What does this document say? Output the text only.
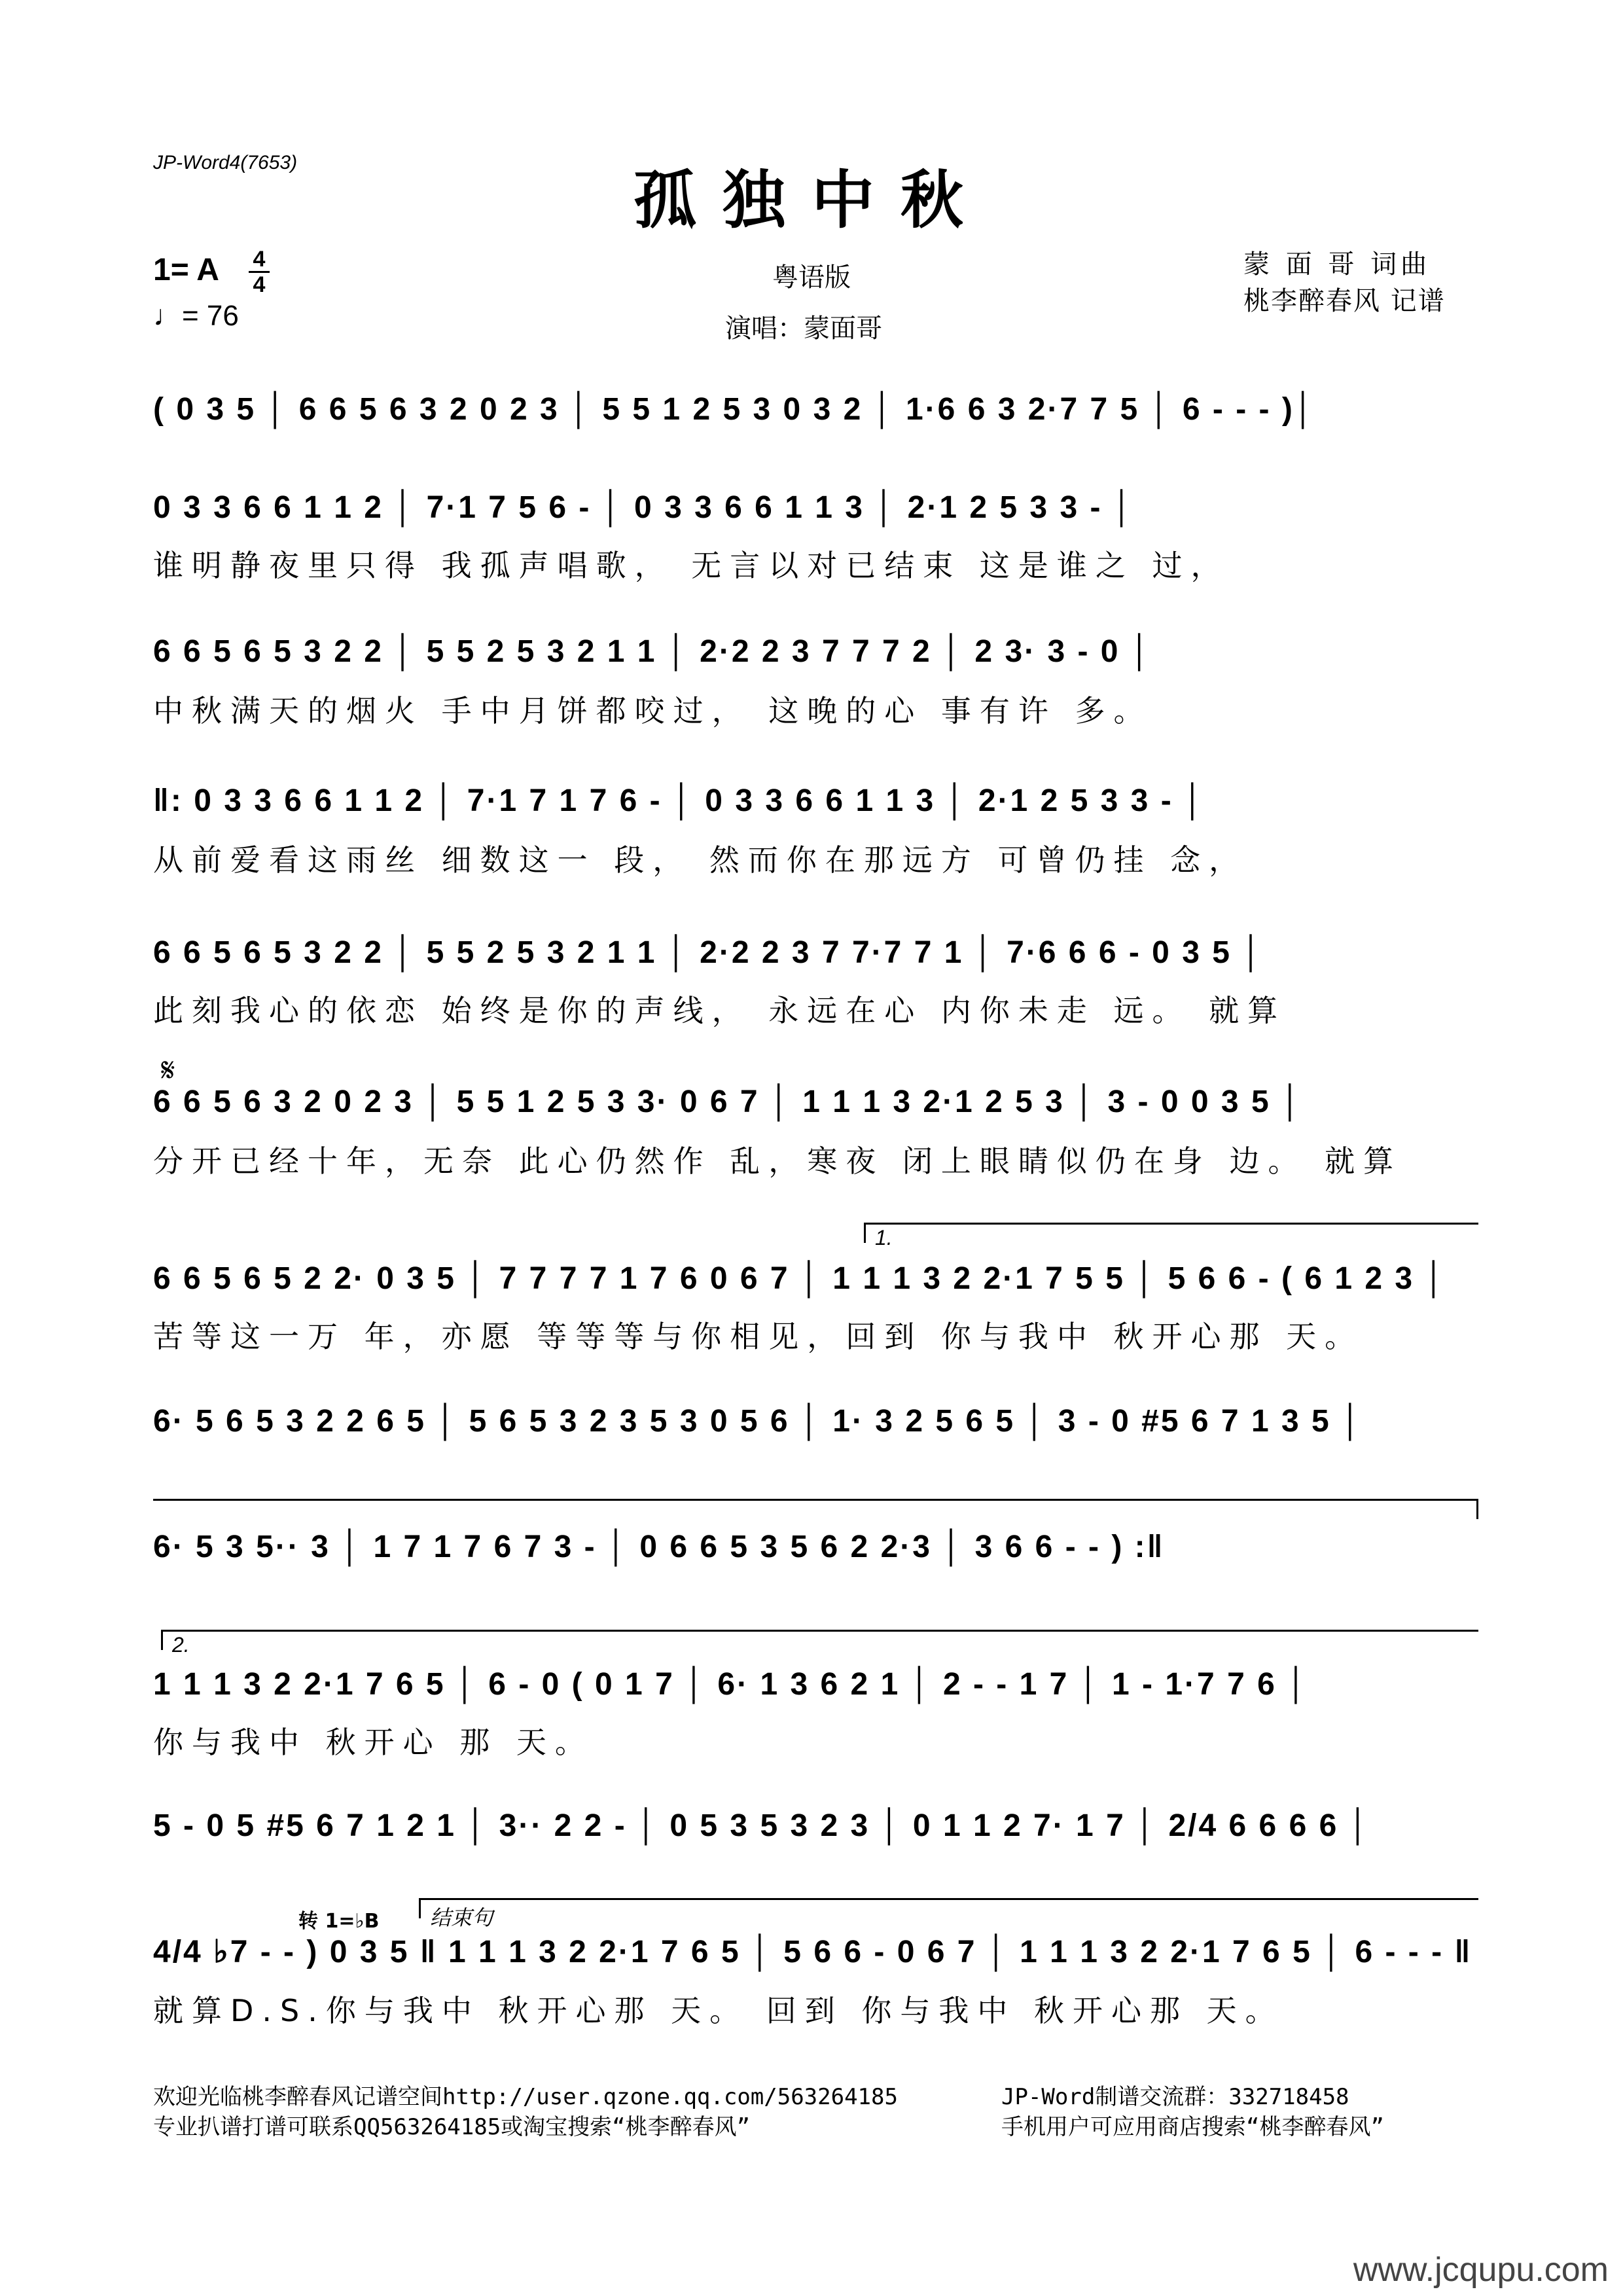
JP-Word4(7653)
孤独中秋
1= A 4
4
♩= 76
粤语版
演唱：蒙面哥
蒙 面 哥 词曲
桃李醉春风 记谱
( 0 3 5 │ 6 6 5 6 3 2 0 2 3 │ 5 5 1 2 5 3 0 3 2 │ 1·6 6 3 2·7 7 5 │ 6 - - - )│
0 3 3 6 6 1 1 2 │ 7·1 7 5 6 - │ 0 3 3 6 6 1 1 3 │ 2·1 2 5 3 3 - │
谁明静夜里只得 我孤声唱歌， 无言以对已结束 这是谁之 过，
6 6 5 6 5 3 2 2 │ 5 5 2 5 3 2 1 1 │ 2·2 2 3 7 7 7 2 │ 2 3· 3 - 0 │
中秋满天的烟火 手中月饼都咬过， 这晚的心 事有许 多。
‖: 0 3 3 6 6 1 1 2 │ 7·1 7 1 7 6 - │ 0 3 3 6 6 1 1 3 │ 2·1 2 5 3 3 - │
从前爱看这雨丝 细数这一 段， 然而你在那远方 可曾仍挂 念，
6 6 5 6 5 3 2 2 │ 5 5 2 5 3 2 1 1 │ 2·2 2 3 7 7·7 7 1 │ 7·6 6 6 - 0 3 5 │
此刻我心的依恋 始终是你的声线， 永远在心 内你未走 远。 就算
𝄋
6 6 5 6 3 2 0 2 3 │ 5 5 1 2 5 3 3· 0 6 7 │ 1 1 1 3 2·1 2 5 3 │ 3 - 0 0 3 5 │
分开已经十年，无奈 此心仍然作 乱，寒夜 闭上眼睛似仍在身 边。 就算
1.
6 6 5 6 5 2 2· 0 3 5 │ 7 7 7 7 1 7 6 0 6 7 │ 1 1 1 3 2 2·1 7 5 5 │ 5 6 6 - ( 6 1 2 3 │
苦等这一万 年，亦愿 等等等与你相见，回到 你与我中 秋开心那 天。
6· 5 6 5 3 2 2 6 5 │ 5 6 5 3 2 3 5 3 0 5 6 │ 1· 3 2 5 6 5 │ 3 - 0 #5 6 7 1 3 5 │
6· 5 3 5·· 3 │ 1 7 1 7 6 7 3 - │ 0 6 6 5 3 5 6 2 2·3 │ 3 6 6 - - ) :‖
2.
1 1 1 3 2 2·1 7 6 5 │ 6 - 0 ( 0 1 7 │ 6· 1 3 6 2 1 │ 2 - - 1 7 │ 1 - 1·7 7 6 │
你与我中 秋开心 那 天。
5 - 0 5 #5 6 7 1 2 1 │ 3·· 2 2 - │ 0 5 3 5 3 2 3 │ 0 1 1 2 7· 1 7 │ 2/4 6 6 6 6 │
转 1=♭B 结束句
4/4 ♭7 - - ) 0 3 5 ‖ 1 1 1 3 2 2·1 7 6 5 │ 5 6 6 - 0 6 7 │ 1 1 1 3 2 2·1 7 6 5 │ 6 - - - ‖
就算D.S.你与我中 秋开心那 天。 回到 你与我中 秋开心那 天。
欢迎光临桃李醉春风记谱空间http://user.qzone.qq.com/563264185	JP-Word制谱交流群：332718458
专业扒谱打谱可联系QQ563264185或淘宝搜索“桃李醉春风”	手机用户可应用商店搜索“桃李醉春风”
www.jcqupu.com
